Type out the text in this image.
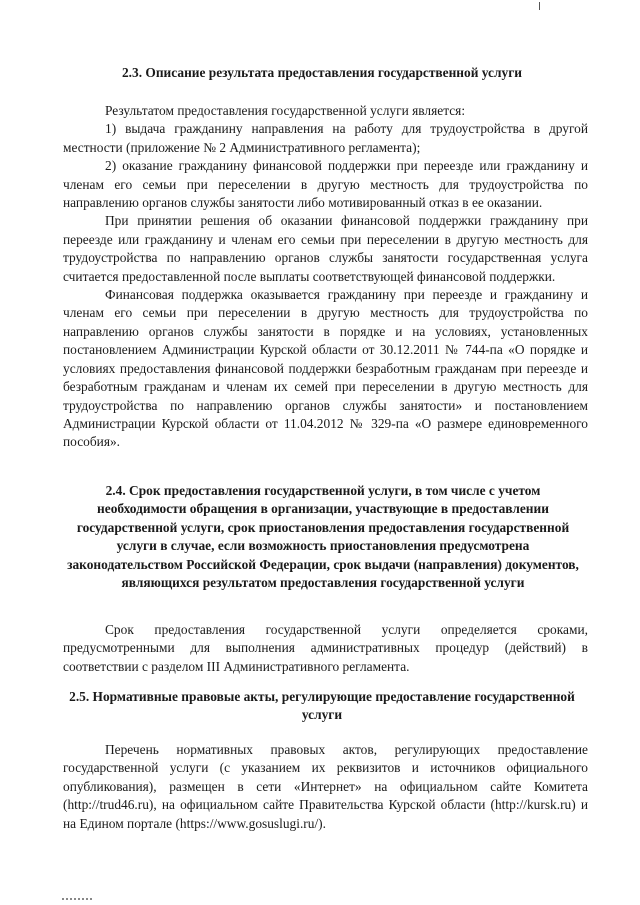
2.3. Описание результата предоставления государственной услуги

Результатом предоставления государственной услуги является:

1) выдача гражданину направления на работу для трудоустройства в другой местности (приложение № 2 Административного регламента);

2) оказание гражданину финансовой поддержки при переезде или гражданину и членам его семьи при переселении в другую местность для трудоустройства по направлению органов службы занятости либо мотивированный отказ в ее оказании.

При принятии решения об оказании финансовой поддержки гражданину при переезде или гражданину и членам его семьи при переселении в другую местность для трудоустройства по направлению органов службы занятости государственная услуга считается предоставленной после выплаты соответствующей финансовой поддержки.

Финансовая поддержка оказывается гражданину при переезде и гражданину и членам его семьи при переселении в другую местность для трудоустройства по направлению органов службы занятости в порядке и на условиях, установленных постановлением Администрации Курской области от 30.12.2011 № 744-па «О порядке и условиях предоставления финансовой поддержки безработным гражданам при переезде и безработным гражданам и членам их семей при переселении в другую местность для трудоустройства по направлению органов службы занятости» и постановлением Администрации Курской области от 11.04.2012 № 329-па «О размере единовременного пособия».

2.4. Срок предоставления государственной услуги, в том числе с учетом необходимости обращения в организации, участвующие в предоставлении государственной услуги, срок приостановления предоставления государственной услуги в случае, если возможность приостановления предусмотрена законодательством Российской Федерации, срок выдачи (направления) документов, являющихся результатом предоставления государственной услуги

Срок предоставления государственной услуги определяется сроками, предусмотренными для выполнения административных процедур (действий) в соответствии с разделом III Административного регламента.

2.5. Нормативные правовые акты, регулирующие предоставление государственной услуги

Перечень нормативных правовых актов, регулирующих предоставление государственной услуги (с указанием их реквизитов и источников официального опубликования), размещен в сети «Интернет» на официальном сайте Комитета (http://trud46.ru), на официальном сайте Правительства Курской области (http://kursk.ru) и на Едином портале (https://www.gosuslugi.ru/).
